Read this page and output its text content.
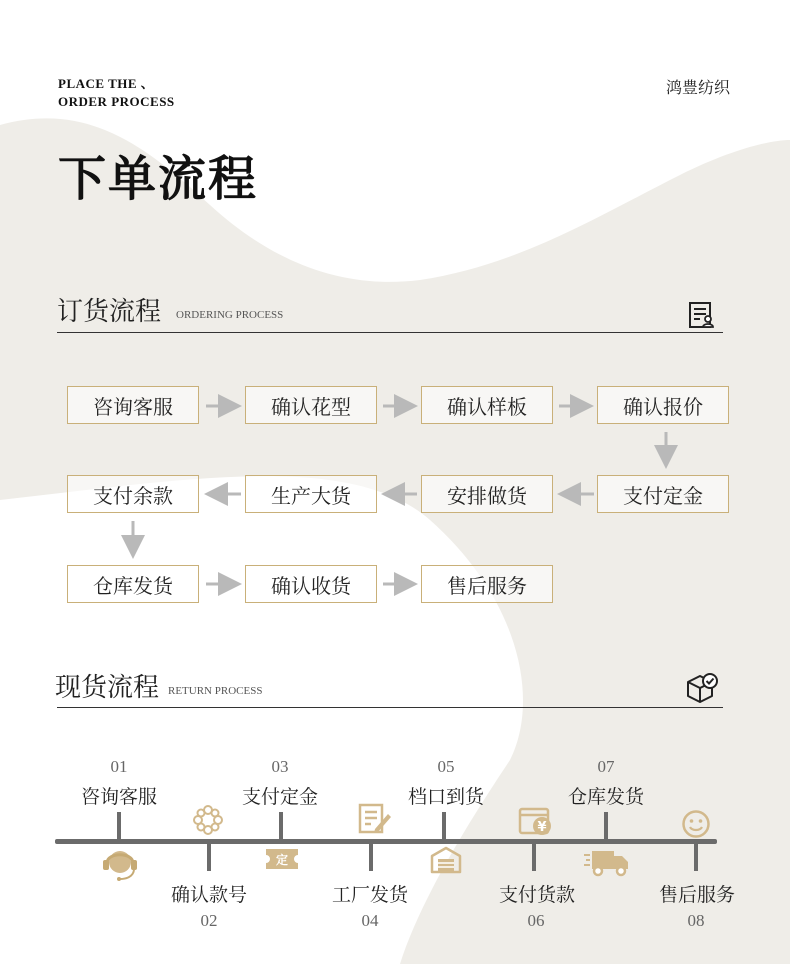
PLACE THE 、
ORDER PROCESS
鸿豊纺织
下单流程
订货流程 ORDERING PROCESS
咨询客服	确认花型	确认样板	确认报价
支付定金
安排做货
生产大货
支付余款
仓库发货	确认收货	售后服务
现货流程 RETURN PROCESS
01
咨询客服
03
支付定金
05
档口到货
07
仓库发货
确认款号
02
工厂发货
04
支付货款
06
售后服务
08
定
¥
